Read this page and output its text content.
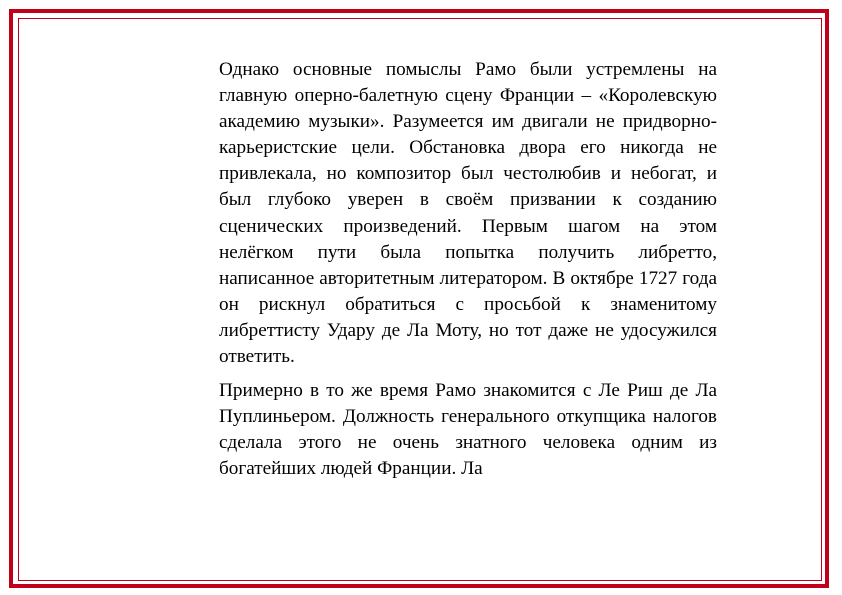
Однако основные помыслы Рамо были устремлены на главную оперно-балетную сцену Франции – «Королевскую академию музыки». Разумеется им двигали не придворно-карьеристские цели. Обстановка двора его никогда не привлекала, но композитор был честолюбив и небогат, и был глубоко уверен в своём призвании к созданию сценических произведений. Первым шагом на этом нелёгком пути была попытка получить либретто, написанное авторитетным литератором. В октябре 1727 года он рискнул обратиться с просьбой к знаменитому либреттисту Удару де Ла Моту, но тот даже не удосужился ответить.

Примерно в то же время Рамо знакомится с Ле Риш де Ла Пуплиньером. Должность генерального откупщика налогов сделала этого не очень знатного человека одним из богатейших людей Франции. Ла
